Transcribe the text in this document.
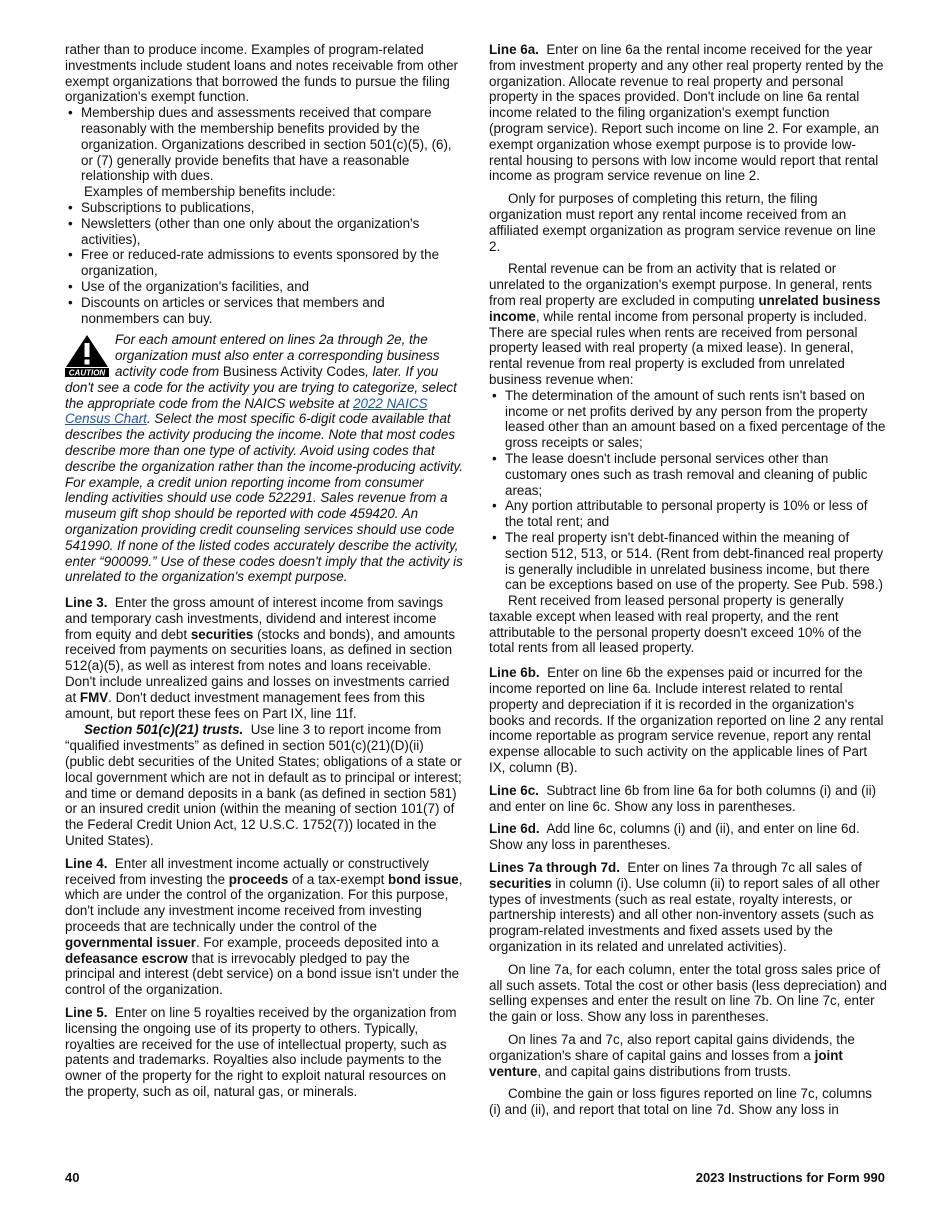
rather than to produce income. Examples of program-related investments include student loans and notes receivable from other exempt organizations that borrowed the funds to pursue the filing organization's exempt function.

• Membership dues and assessments received that compare reasonably with the membership benefits provided by the organization. Organizations described in section 501(c)(5), (6), or (7) generally provide benefits that have a reasonable relationship with dues.

Examples of membership benefits include:

• Subscriptions to publications,

• Newsletters (other than one only about the organization's activities),

• Free or reduced-rate admissions to events sponsored by the organization,

• Use of the organization's facilities, and

• Discounts on articles or services that members and nonmembers can buy.

CAUTION
For each amount entered on lines 2a through 2e, the organization must also enter a corresponding business activity code from Business Activity Codes, later. If you don't see a code for the activity you are trying to categorize, select the appropriate code from the NAICS website at 2022 NAICS Census Chart. Select the most specific 6-digit code available that describes the activity producing the income. Note that most codes describe more than one type of activity. Avoid using codes that describe the organization rather than the income-producing activity. For example, a credit union reporting income from consumer lending activities should use code 522291. Sales revenue from a museum gift shop should be reported with code 459420. An organization providing credit counseling services should use code 541990. If none of the listed codes accurately describe the activity, enter “900099.” Use of these codes doesn't imply that the activity is unrelated to the organization's exempt purpose.

Line 3. Enter the gross amount of interest income from savings and temporary cash investments, dividend and interest income from equity and debt securities (stocks and bonds), and amounts received from payments on securities loans, as defined in section 512(a)(5), as well as interest from notes and loans receivable. Don't include unrealized gains and losses on investments carried at FMV. Don't deduct investment management fees from this amount, but report these fees on Part IX, line 11f.

Section 501(c)(21) trusts. Use line 3 to report income from “qualified investments” as defined in section 501(c)(21)(D)(ii) (public debt securities of the United States; obligations of a state or local government which are not in default as to principal or interest; and time or demand deposits in a bank (as defined in section 581) or an insured credit union (within the meaning of section 101(7) of the Federal Credit Union Act, 12 U.S.C. 1752(7)) located in the United States).

Line 4. Enter all investment income actually or constructively received from investing the proceeds of a tax-exempt bond issue, which are under the control of the organization. For this purpose, don't include any investment income received from investing proceeds that are technically under the control of the governmental issuer. For example, proceeds deposited into a defeasance escrow that is irrevocably pledged to pay the principal and interest (debt service) on a bond issue isn't under the control of the organization.

Line 5. Enter on line 5 royalties received by the organization from licensing the ongoing use of its property to others. Typically, royalties are received for the use of intellectual property, such as patents and trademarks. Royalties also include payments to the owner of the property for the right to exploit natural resources on the property, such as oil, natural gas, or minerals.

Line 6a. Enter on line 6a the rental income received for the year from investment property and any other real property rented by the organization. Allocate revenue to real property and personal property in the spaces provided. Don't include on line 6a rental income related to the filing organization's exempt function (program service). Report such income on line 2. For example, an exempt organization whose exempt purpose is to provide low-rental housing to persons with low income would report that rental income as program service revenue on line 2.

Only for purposes of completing this return, the filing organization must report any rental income received from an affiliated exempt organization as program service revenue on line 2.

Rental revenue can be from an activity that is related or unrelated to the organization's exempt purpose. In general, rents from real property are excluded in computing unrelated business income, while rental income from personal property is included. There are special rules when rents are received from personal property leased with real property (a mixed lease). In general, rental revenue from real property is excluded from unrelated business revenue when:

• The determination of the amount of such rents isn't based on income or net profits derived by any person from the property leased other than an amount based on a fixed percentage of the gross receipts or sales;

• The lease doesn't include personal services other than customary ones such as trash removal and cleaning of public areas;

• Any portion attributable to personal property is 10% or less of the total rent; and

• The real property isn't debt-financed within the meaning of section 512, 513, or 514. (Rent from debt-financed real property is generally includible in unrelated business income, but there can be exceptions based on use of the property. See Pub. 598.)

Rent received from leased personal property is generally taxable except when leased with real property, and the rent attributable to the personal property doesn't exceed 10% of the total rents from all leased property.

Line 6b. Enter on line 6b the expenses paid or incurred for the income reported on line 6a. Include interest related to rental property and depreciation if it is recorded in the organization's books and records. If the organization reported on line 2 any rental income reportable as program service revenue, report any rental expense allocable to such activity on the applicable lines of Part IX, column (B).

Line 6c. Subtract line 6b from line 6a for both columns (i) and (ii) and enter on line 6c. Show any loss in parentheses.

Line 6d. Add line 6c, columns (i) and (ii), and enter on line 6d. Show any loss in parentheses.

Lines 7a through 7d. Enter on lines 7a through 7c all sales of securities in column (i). Use column (ii) to report sales of all other types of investments (such as real estate, royalty interests, or partnership interests) and all other non-inventory assets (such as program-related investments and fixed assets used by the organization in its related and unrelated activities).

On line 7a, for each column, enter the total gross sales price of all such assets. Total the cost or other basis (less depreciation) and selling expenses and enter the result on line 7b. On line 7c, enter the gain or loss. Show any loss in parentheses.

On lines 7a and 7c, also report capital gains dividends, the organization's share of capital gains and losses from a joint venture, and capital gains distributions from trusts.

Combine the gain or loss figures reported on line 7c, columns (i) and (ii), and report that total on line 7d. Show any loss in

40	2023 Instructions for Form 990
